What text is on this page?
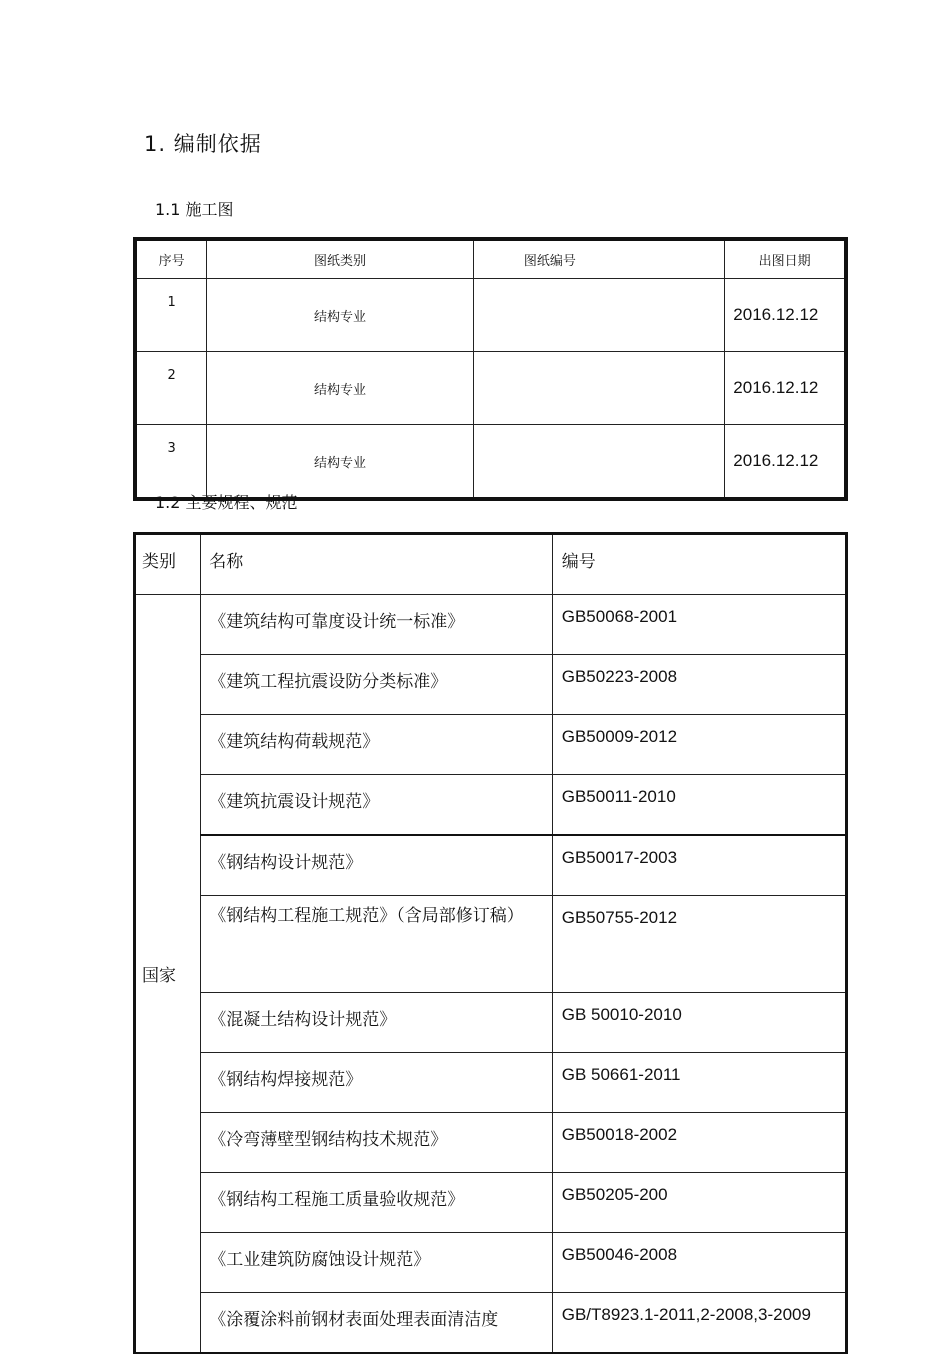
1. 编制依据
1.1 施工图
序号	图纸类别	图纸编号	出图日期
1	结构专业		2016.12.12
2	结构专业		2016.12.12
3	结构专业		2016.12.12
1.2 主要规程、规范
类别	名称	编号
国家	《建筑结构可靠度设计统一标准》	GB50068-2001
	《建筑工程抗震设防分类标准》	GB50223-2008
	《建筑结构荷载规范》	GB50009-2012
	《建筑抗震设计规范》	GB50011-2010
	《钢结构设计规范》	GB50017-2003
	《钢结构工程施工规范》（含局部修订稿）	GB50755-2012
	《混凝土结构设计规范》	GB 50010-2010
	《钢结构焊接规范》	GB 50661-2011
	《冷弯薄壁型钢结构技术规范》	GB50018-2002
	《钢结构工程施工质量验收规范》	GB50205-200
	《工业建筑防腐蚀设计规范》	GB50046-2008
	《涂覆涂料前钢材表面处理表面清洁度	GB/T8923.1-2011,2-2008,3-2009
